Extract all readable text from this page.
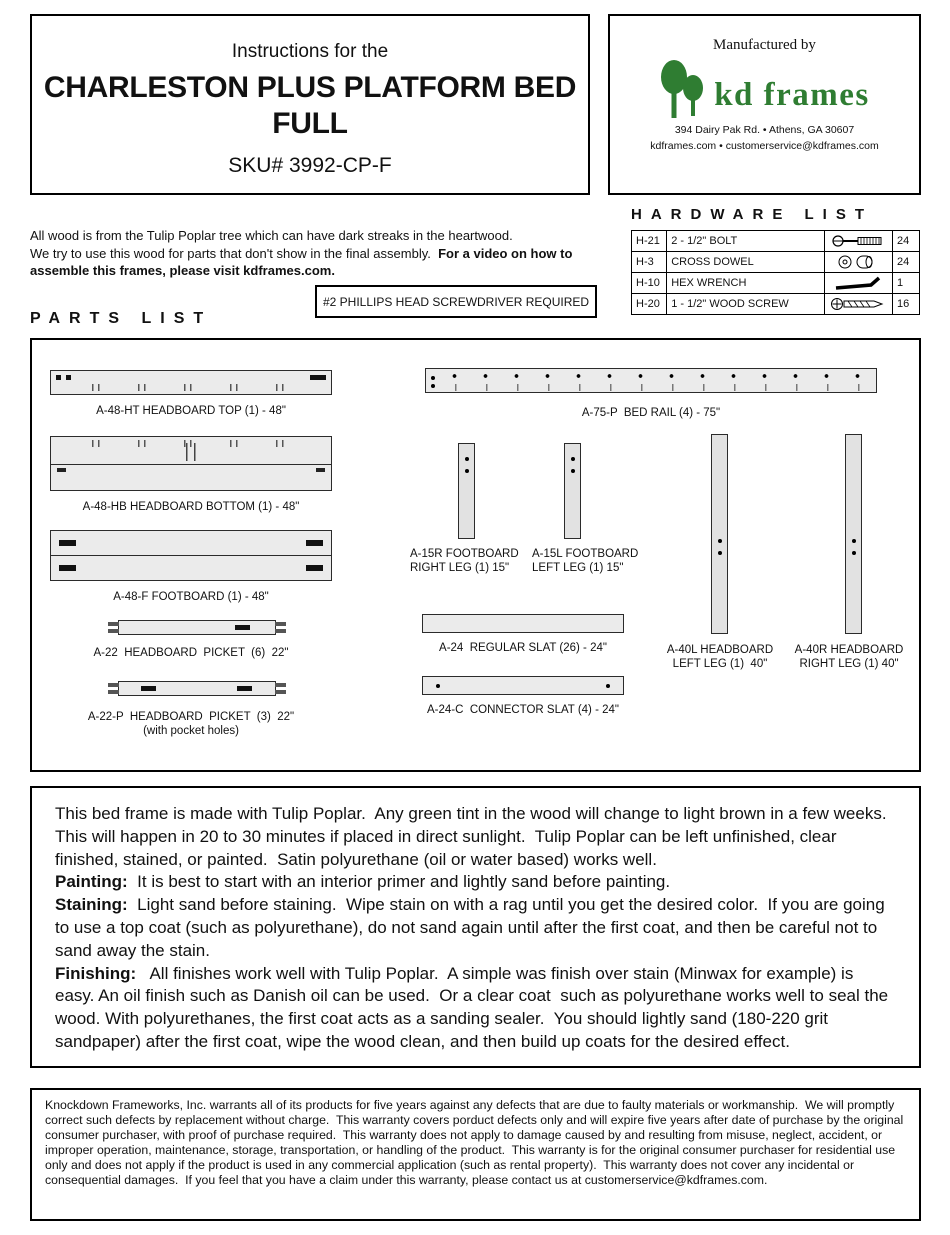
Instructions for the
CHARLESTON PLUS PLATFORM BED
FULL
SKU# 3992-CP-F
Manufactured by
kd frames
394 Dairy Pak Rd. • Athens, GA 30607
kdframes.com • customerservice@kdframes.com
All wood is from the Tulip Poplar tree which can have dark streaks in the heartwood.
We try to use this wood for parts that don't show in the final assembly.  For a video on how to assemble this frames, please visit kdframes.com.
HARDWARE LIST
H-21	2 - 1/2" BOLT		24
H-3	CROSS DOWEL		24
H-10	HEX WRENCH		1
H-20	1 - 1/2" WOOD SCREW		16
#2 PHILLIPS HEAD SCREWDRIVER REQUIRED
PARTS LIST
A-48-HT HEADBOARD TOP (1) - 48"
A-48-HB HEADBOARD BOTTOM (1) - 48"
A-48-F FOOTBOARD (1) - 48"
A-22  HEADBOARD  PICKET  (6)  22"
A-22-P  HEADBOARD  PICKET  (3)  22"
(with pocket holes)
A-75-P  BED RAIL (4) - 75"
A-15R FOOTBOARD
RIGHT LEG (1) 15"
A-15L FOOTBOARD
LEFT LEG (1) 15"
A-24  REGULAR SLAT (26) - 24"
A-24-C  CONNECTOR SLAT (4) - 24"
A-40L HEADBOARD
LEFT LEG (1)  40"
A-40R HEADBOARD
RIGHT LEG (1) 40"
This bed frame is made with Tulip Poplar.  Any green tint in the wood will change to light brown in a few weeks.  This will happen in 20 to 30 minutes if placed in direct sunlight.  Tulip Poplar can be left unfinished, clear finished, stained, or painted.  Satin polyurethane (oil or water based) works well.
Painting:  It is best to start with an interior primer and lightly sand before painting.
Staining:  Light sand before staining.  Wipe stain on with a rag until you get the desired color.  If you are going to use a top coat (such as polyurethane), do not sand again until after the first coat, and then be careful not to sand away the stain.
Finishing:   All finishes work well with Tulip Poplar.  A simple was finish over stain (Minwax for example) is easy. An oil finish such as Danish oil can be used.  Or a clear coat  such as polyurethane works well to seal the wood. With polyurethanes, the first coat acts as a sanding sealer.  You should lightly sand (180-220 grit sandpaper) after the first coat, wipe the wood clean, and then build up coats for the desired effect.
Knockdown Frameworks, Inc. warrants all of its products for five years against any defects that are due to faulty materials or workmanship.  We will promptly correct such defects by replacement without charge.  This warranty covers porduct defects only and will expire five years after date of purchase by the original consumer purchaser, with proof of purchase required.  This warranty does not apply to damage caused by and resulting from misuse, neglect, accident, or improper operation, maintenance, storage, transportation, or handling of the product.  This warranty is for the original consumer purchaser for residential use only and does not apply if the product is used in any commercial application (such as rental property).  This warranty does not cover any incidental or consequential damages.  If you feel that you have a claim under this warranty, please contact us at customerservice@kdframes.com.
